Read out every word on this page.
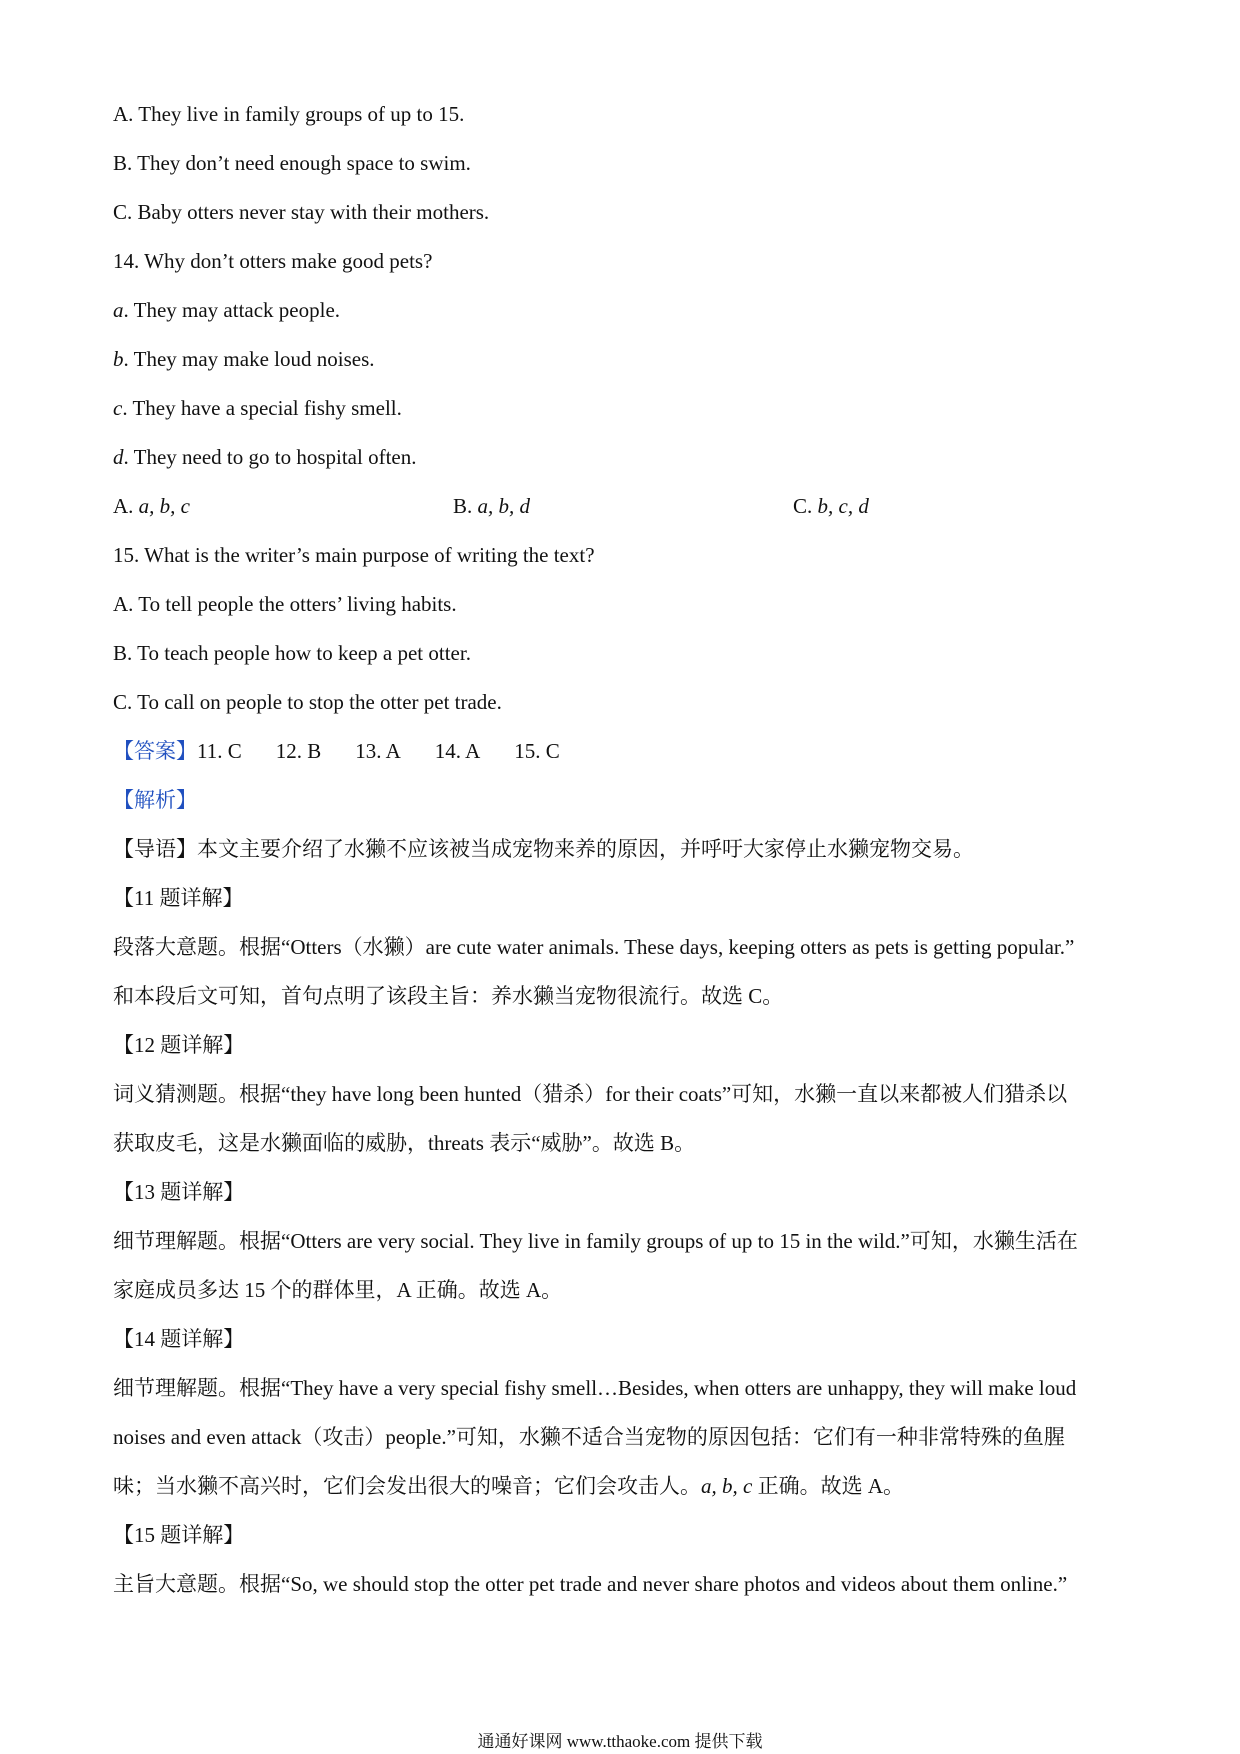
A. They live in family groups of up to 15.
B. They don’t need enough space to swim.
C. Baby otters never stay with their mothers.
14. Why don’t otters make good pets?
a. They may attack people.
b. They may make loud noises.
c. They have a special fishy smell.
d. They need to go to hospital often.
A. a, b, c	B. a, b, d	C. b, c, d
15. What is the writer’s main purpose of writing the text?
A. To tell people the otters’ living habits.
B. To teach people how to keep a pet otter.
C. To call on people to stop the otter pet trade.
【答案】11. C 12. B 13. A 14. A 15. C
【解析】
【导语】本文主要介绍了水獭不应该被当成宠物来养的原因，并呼吁大家停止水獭宠物交易。
【11 题详解】
段落大意题。根据“Otters（水獭）are cute water animals. These days, keeping otters as pets is getting popular.”
和本段后文可知，首句点明了该段主旨：养水獭当宠物很流行。故选 C。
【12 题详解】
词义猜测题。根据“they have long been hunted（猎杀）for their coats”可知，水獭一直以来都被人们猎杀以
获取皮毛，这是水獭面临的威胁，threats 表示“威胁”。故选 B。
【13 题详解】
细节理解题。根据“Otters are very social. They live in family groups of up to 15 in the wild.”可知，水獭生活在
家庭成员多达 15 个的群体里，A 正确。故选 A。
【14 题详解】
细节理解题。根据“They have a very special fishy smell…Besides, when otters are unhappy, they will make loud
noises and even attack（攻击）people.”可知，水獭不适合当宠物的原因包括：它们有一种非常特殊的鱼腥
味；当水獭不高兴时，它们会发出很大的噪音；它们会攻击人。a, b, c 正确。故选 A。
【15 题详解】
主旨大意题。根据“So, we should stop the otter pet trade and never share photos and videos about them online.”
通通好课网 www.tthaoke.com 提供下载
